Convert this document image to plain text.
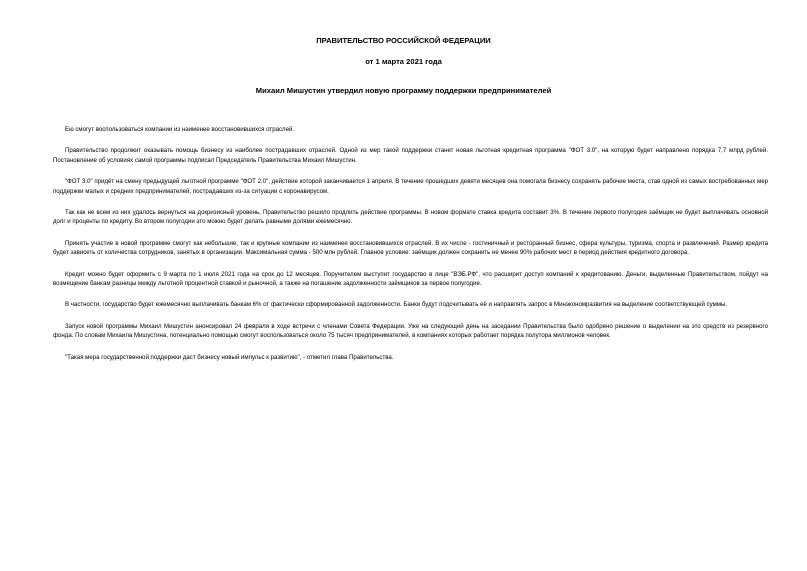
ПРАВИТЕЛЬСТВО РОССИЙСКОЙ ФЕДЕРАЦИИ
от 1 марта 2021 года
Михаил Мишустин утвердил новую программу поддержки предпринимателей

Ею смогут воспользоваться компании из наименее восстановившихся отраслей.

Правительство продолжит оказывать помощь бизнесу из наиболее пострадавших отраслей. Одной из мер такой поддержки станет новая льготная кредитная программа "ФОТ 3.0", на которую будет направлено порядка 7,7 млрд рублей. Постановление об условиях самой программы подписал Председатель Правительства Михаил Мишустин.

"ФОТ 3.0" придёт на смену предыдущей льготной программе "ФОТ 2.0", действие которой заканчивается 1 апреля. В течение прошедших девяти месяцев она помогала бизнесу сохранять рабочие места, став одной из самых востребованных мер поддержки малых и средних предпринимателей, пострадавших из-за ситуации с коронавирусом.

Так как не всем из них удалось вернуться на докризисный уровень, Правительство решило продлить действие программы. В новом формате ставка кредита составит 3%. В течение первого полугодия заёмщик не будет выплачивать основной долг и проценты по кредиту. Во втором полугодии это можно будет делать равными долями ежемесячно.

Принять участие в новой программе смогут как небольшие, так и крупные компании из наименее восстановившихся отраслей. В их числе - гостиничный и ресторанный бизнес, сфера культуры, туризма, спорта и развлечений. Размер кредита будет зависеть от количества сотрудников, занятых в организации. Максимальная сумма - 500 млн рублей. Главное условие: заёмщик должен сохранить не менее 90% рабочих мест в период действия кредитного договора.

Кредит можно будет оформить с 9 марта по 1 июля 2021 года на срок до 12 месяцев. Поручителем выступит государство в лице "ВЭБ.РФ", что расширит доступ компаний к кредитованию. Деньги, выделенные Правительством, пойдут на возмещение банкам разницы между льготной процентной ставкой и рыночной, а также на погашение задолженности заёмщиков за первое полугодие.

В частности, государство будет ежемесячно выплачивать банкам 6% от фактически сформированной задолженности. Банки будут подсчитывать её и направлять запрос в Минэкономразвития на выделение соответствующей суммы.

Запуск новой программы Михаил Мишустин анонсировал 24 февраля в ходе встречи с членами Совета Федерации. Уже на следующий день на заседании Правительства было одобрено решение о выделении на это средств из резервного фонда. По словам Михаила Мишустина, потенциально помощью смогут воспользоваться около 75 тысяч предпринимателей, в компаниях которых работает порядка полутора миллионов человек.

"Такая мера государственной поддержки даст бизнесу новый импульс к развитию", - отметил глава Правительства.
